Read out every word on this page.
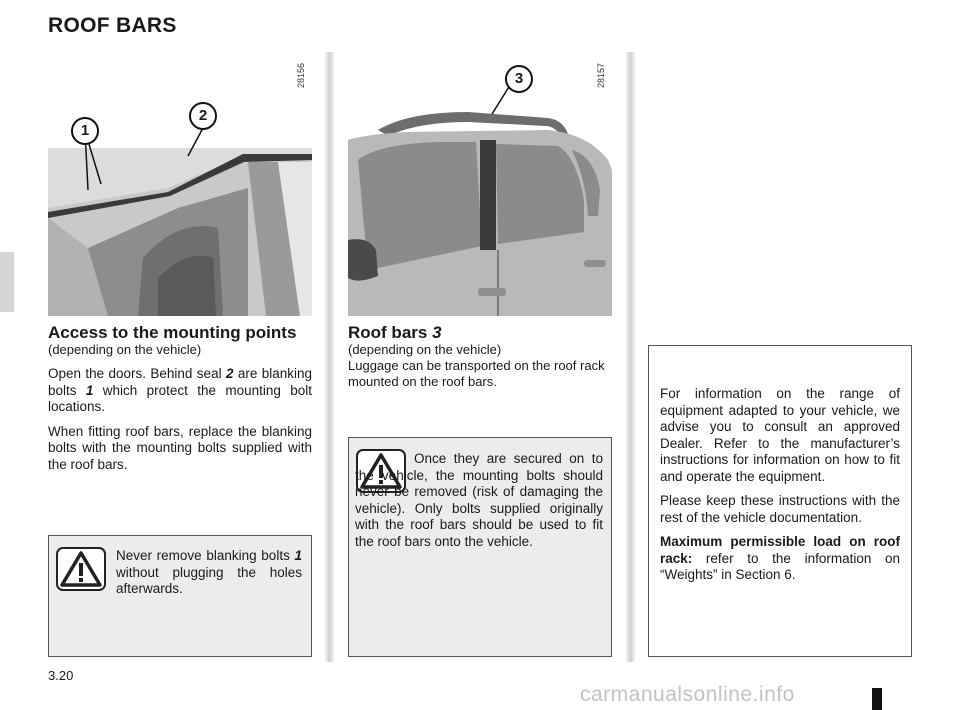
ROOF BARS
28156
1
2
Access to the mounting points
(depending on the vehicle)

Open the doors. Behind seal 2 are blanking bolts 1 which protect the mounting bolt locations.

When fitting roof bars, replace the blanking bolts with the mounting bolts supplied with the roof bars.

Never remove blanking bolts 1 without plugging the holes afterwards.
28157
3
Roof bars 3
(depending on the vehicle)
Luggage can be transported on the roof rack mounted on the roof bars.
Once they are secured on to the vehicle, the mounting bolts should never be removed (risk of damaging the vehicle). Only bolts supplied originally with the roof bars should be used to fit the roof bars onto the vehicle.

For information on the range of equipment adapted to your vehicle, we advise you to consult an approved Dealer. Refer to the manufacturer’s instructions for information on how to fit and operate the equipment.

Please keep these instructions with the rest of the vehicle documentation.

Maximum permissible load on roof rack: refer to the information on “Weights” in Section 6.

3.20
carmanualsonline.info
